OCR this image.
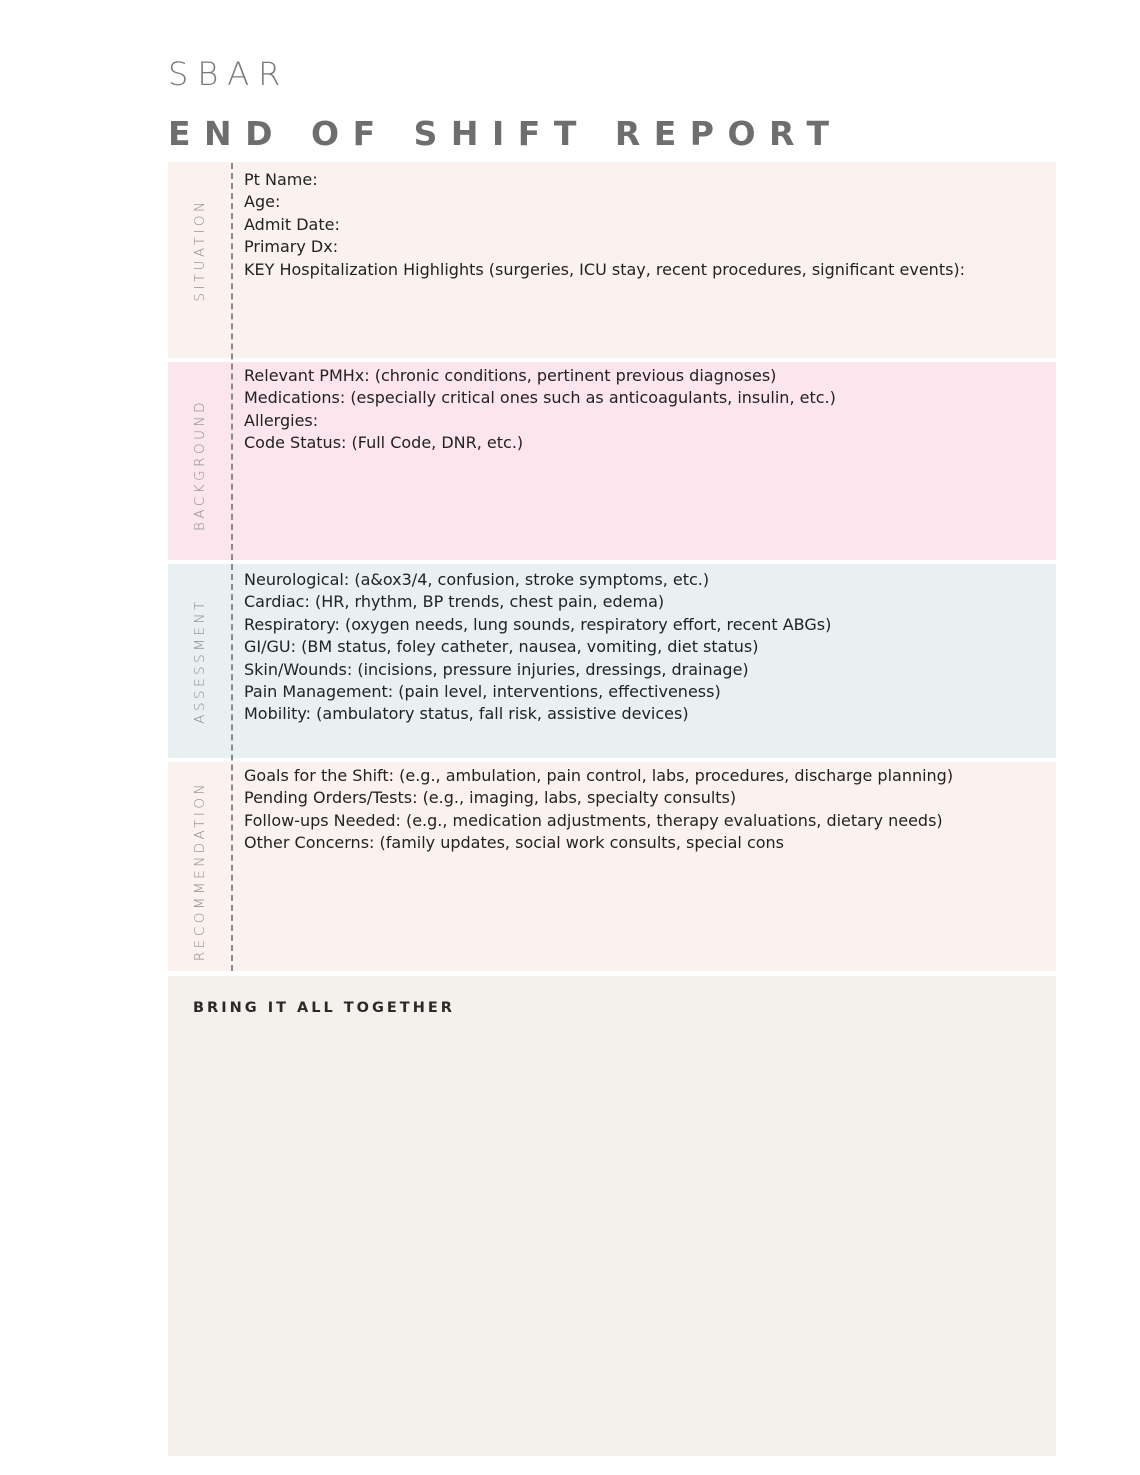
SBAR
END OF SHIFT REPORT
SITUATION
Pt Name:
Age:
Admit Date:
Primary Dx:
KEY Hospitalization Highlights (surgeries, ICU stay, recent procedures, significant events):
BACKGROUND
Relevant PMHx: (chronic conditions, pertinent previous diagnoses)
Medications: (especially critical ones such as anticoagulants, insulin, etc.)
Allergies:
Code Status: (Full Code, DNR, etc.)
ASSESSMENT
Neurological: (a&ox3/4, confusion, stroke symptoms, etc.)
Cardiac: (HR, rhythm, BP trends, chest pain, edema)
Respiratory: (oxygen needs, lung sounds, respiratory effort, recent ABGs)
GI/GU: (BM status, foley catheter, nausea, vomiting, diet status)
Skin/Wounds: (incisions, pressure injuries, dressings, drainage)
Pain Management: (pain level, interventions, effectiveness)
Mobility: (ambulatory status, fall risk, assistive devices)
RECOMMENDATION
Goals for the Shift: (e.g., ambulation, pain control, labs, procedures, discharge planning)
Pending Orders/Tests: (e.g., imaging, labs, specialty consults)
Follow-ups Needed: (e.g., medication adjustments, therapy evaluations, dietary needs)
Other Concerns: (family updates, social work consults, special cons

BRING IT ALL TOGETHER
